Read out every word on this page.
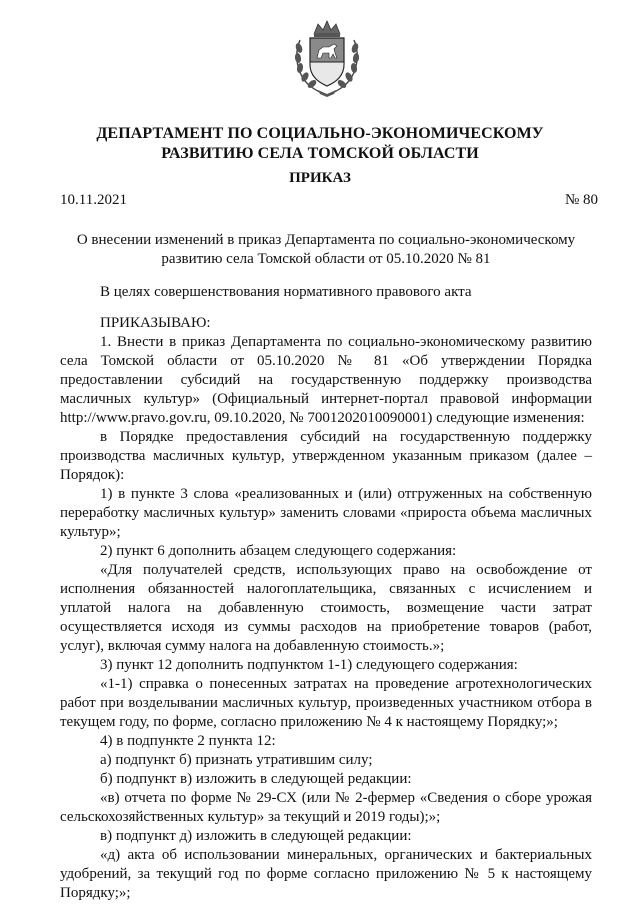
ДЕПАРТАМЕНТ ПО СОЦИАЛЬНО-ЭКОНОМИЧЕСКОМУ
РАЗВИТИЮ СЕЛА ТОМСКОЙ ОБЛАСТИ
ПРИКАЗ
10.11.2021	№ 80
О внесении изменений в приказ Департамента по социально-экономическому
развитию села Томской области от 05.10.2020 № 81

В целях совершенствования нормативного правового акта

ПРИКАЗЫВАЮ:

1. Внести в приказ Департамента по социально-экономическому развитию села Томской области от 05.10.2020 № 81 «Об утверждении Порядка предоставлении субсидий на государственную поддержку производства масличных культур» (Официальный интернет-портал правовой информации http://www.pravo.gov.ru, 09.10.2020, № 7001202010090001) следующие изменения:

в Порядке предоставления субсидий на государственную поддержку производства масличных культур, утвержденном указанным приказом (далее – Порядок):

1) в пункте 3 слова «реализованных и (или) отгруженных на собственную переработку масличных культур» заменить словами «прироста объема масличных культур»;

2) пункт 6 дополнить абзацем следующего содержания:

«Для получателей средств, использующих право на освобождение от исполнения обязанностей налогоплательщика, связанных с исчислением и уплатой налога на добавленную стоимость, возмещение части затрат осуществляется исходя из суммы расходов на приобретение товаров (работ, услуг), включая сумму налога на добавленную стоимость.»;

3) пункт 12 дополнить подпунктом 1-1) следующего содержания:

«1-1) справка о понесенных затратах на проведение агротехнологических работ при возделывании масличных культур, произведенных участником отбора в текущем году, по форме, согласно приложению № 4 к настоящему Порядку;»;

4) в подпункте 2 пункта 12:

а) подпункт б) признать утратившим силу;

б) подпункт в) изложить в следующей редакции:

«в) отчета по форме № 29-СХ (или № 2-фермер «Сведения о сборе урожая сельскохозяйственных культур» за текущий и 2019 годы);»;

в) подпункт д) изложить в следующей редакции:

«д) акта об использовании минеральных, органических и бактериальных удобрений, за текущий год по форме согласно приложению № 5 к настоящему Порядку;»;
